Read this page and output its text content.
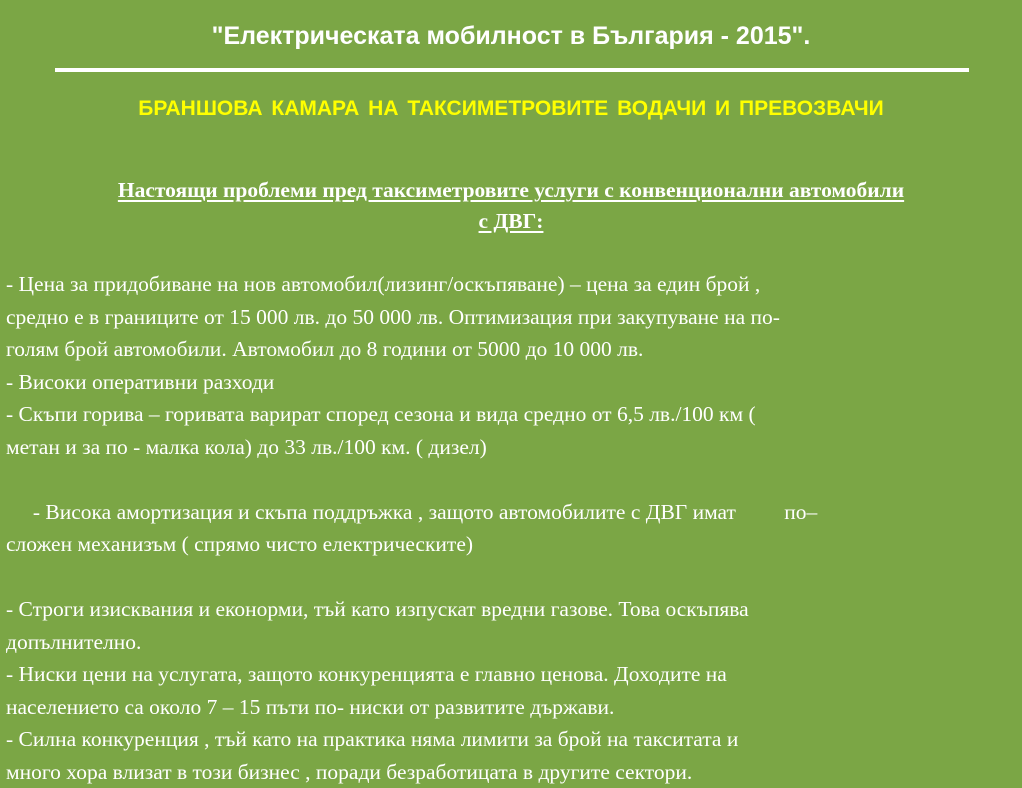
"Електрическата мобилност в България - 2015".
БРАНШОВА КАМАРА НА ТАКСИМЕТРОВИТЕ ВОДАЧИ И ПРЕВОЗВАЧИ
Настоящи проблеми пред таксиметровите услуги с конвенционални автомобили
с ДВГ:

- Цена за придобиване на нов автомобил(лизинг/оскъпяване) – цена за един брой ,
средно е в границите от 15 000 лв. до 50 000 лв. Оптимизация при закупуване на по-
голям брой автомобили. Автомобил до 8 години от 5000 до 10 000 лв.

- Високи оперативни разходи

- Скъпи горива – горивата варират според сезона и вида средно от 6,5 лв./100 км (
метан и за по - малка кола) до 33 лв./100 км. ( дизел)

- Висока амортизация и скъпа поддръжка , защото автомобилите с ДВГ имат         по–
сложен механизъм ( спрямо чисто електрическите)

- Строги изисквания и еконорми, тъй като изпускат вредни газове. Това оскъпява
допълнително.

- Ниски цени на услугата, защото конкуренцията е главно ценова. Доходите на
населението са около 7 – 15 пъти по- ниски от развитите държави.

- Силна конкуренция , тъй като на практика няма лимити за брой на такситата и
много хора влизат в този бизнес , поради безработицата в другите сектори.
